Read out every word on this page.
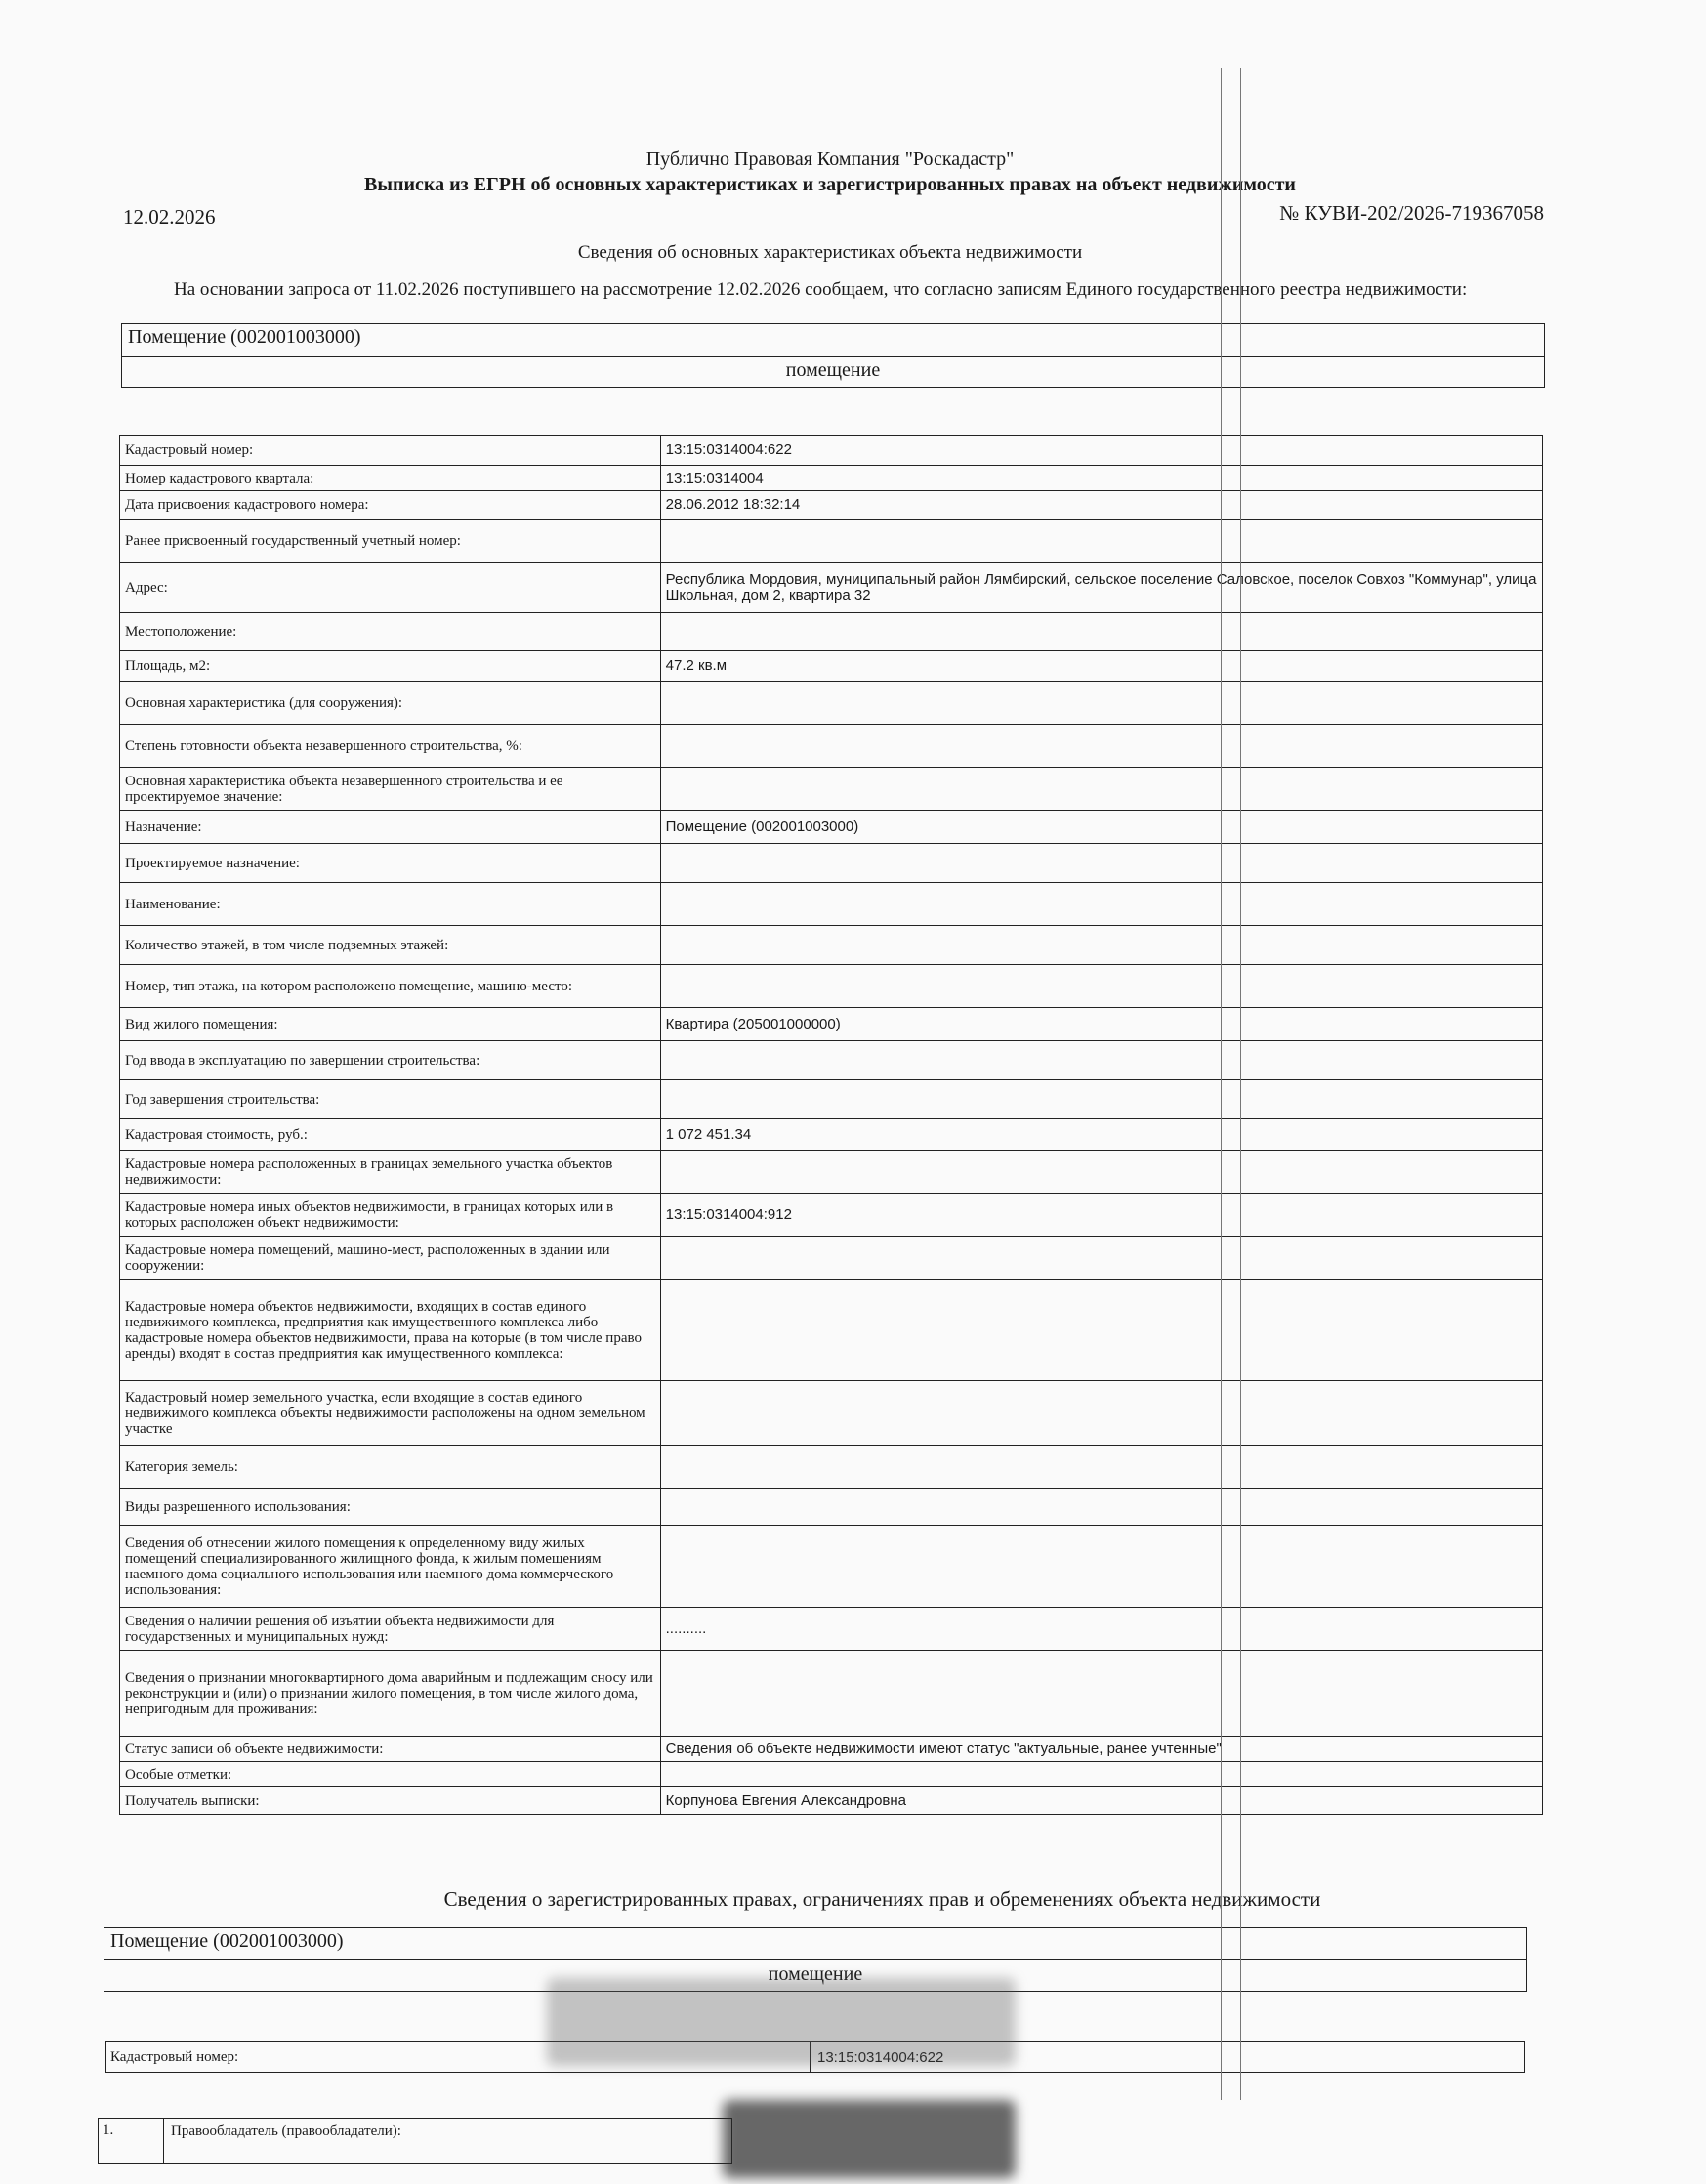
Публично Правовая Компания "Роскадастр"
Выписка из ЕГРН об основных характеристиках и зарегистрированных правах на объект недвижимости
12.02.2026	№ КУВИ-202/2026-719367058
Сведения об основных характеристиках объекта недвижимости
На основании запроса от 11.02.2026 поступившего на рассмотрение 12.02.2026 сообщаем, что согласно записям Единого государственного реестра недвижимости:
Помещение (002001003000)
помещение
Кадастровый номер:	13:15:0314004:622
Номер кадастрового квартала:	13:15:0314004
Дата присвоения кадастрового номера:	28.06.2012 18:32:14
Ранее присвоенный государственный учетный номер:	
Адрес:	Республика Мордовия, муниципальный район Лямбирский, сельское поселение Саловское, поселок Совхоз "Коммунар", улица Школьная, дом 2, квартира 32
Местоположение:	
Площадь, м2:	47.2 кв.м
Основная характеристика (для сооружения):	
Степень готовности объекта незавершенного строительства, %:	
Основная характеристика объекта незавершенного строительства и ее проектируемое значение:	
Назначение:	Помещение (002001003000)
Проектируемое назначение:	
Наименование:	
Количество этажей, в том числе подземных этажей:	
Номер, тип этажа, на котором расположено помещение, машино-место:	
Вид жилого помещения:	Квартира (205001000000)
Год ввода в эксплуатацию по завершении строительства:	
Год завершения строительства:	
Кадастровая стоимость, руб.:	1 072 451.34
Кадастровые номера расположенных в границах земельного участка объектов недвижимости:	
Кадастровые номера иных объектов недвижимости, в границах которых или в которых расположен объект недвижимости:	13:15:0314004:912
Кадастровые номера помещений, машино-мест, расположенных в здании или сооружении:	
Кадастровые номера объектов недвижимости, входящих в состав единого недвижимого комплекса, предприятия как имущественного комплекса либо кадастровые номера объектов недвижимости, права на которые (в том числе право аренды) входят в состав предприятия как имущественного комплекса:	
Кадастровый номер земельного участка, если входящие в состав единого недвижимого комплекса объекты недвижимости расположены на одном земельном участке	
Категория земель:	
Виды разрешенного использования:	
Сведения об отнесении жилого помещения к определенному виду жилых помещений специализированного жилищного фонда, к жилым помещениям наемного дома социального использования или наемного дома коммерческого использования:	
Сведения о наличии решения об изъятии объекта недвижимости для государственных и муниципальных нужд:	..........
Сведения о признании многоквартирного дома аварийным и подлежащим сносу или реконструкции и (или) о признании жилого помещения, в том числе жилого дома, непригодным для проживания:	
Статус записи об объекте недвижимости:	Сведения об объекте недвижимости имеют статус "актуальные, ранее учтенные"
Особые отметки:	
Получатель выписки:	Корпунова Евгения Александровна
Сведения о зарегистрированных правах, ограничениях прав и обременениях объекта недвижимости
Помещение (002001003000)
помещение
Кадастровый номер:	13:15:0314004:622
1.	Правообладатель (правообладатели):
